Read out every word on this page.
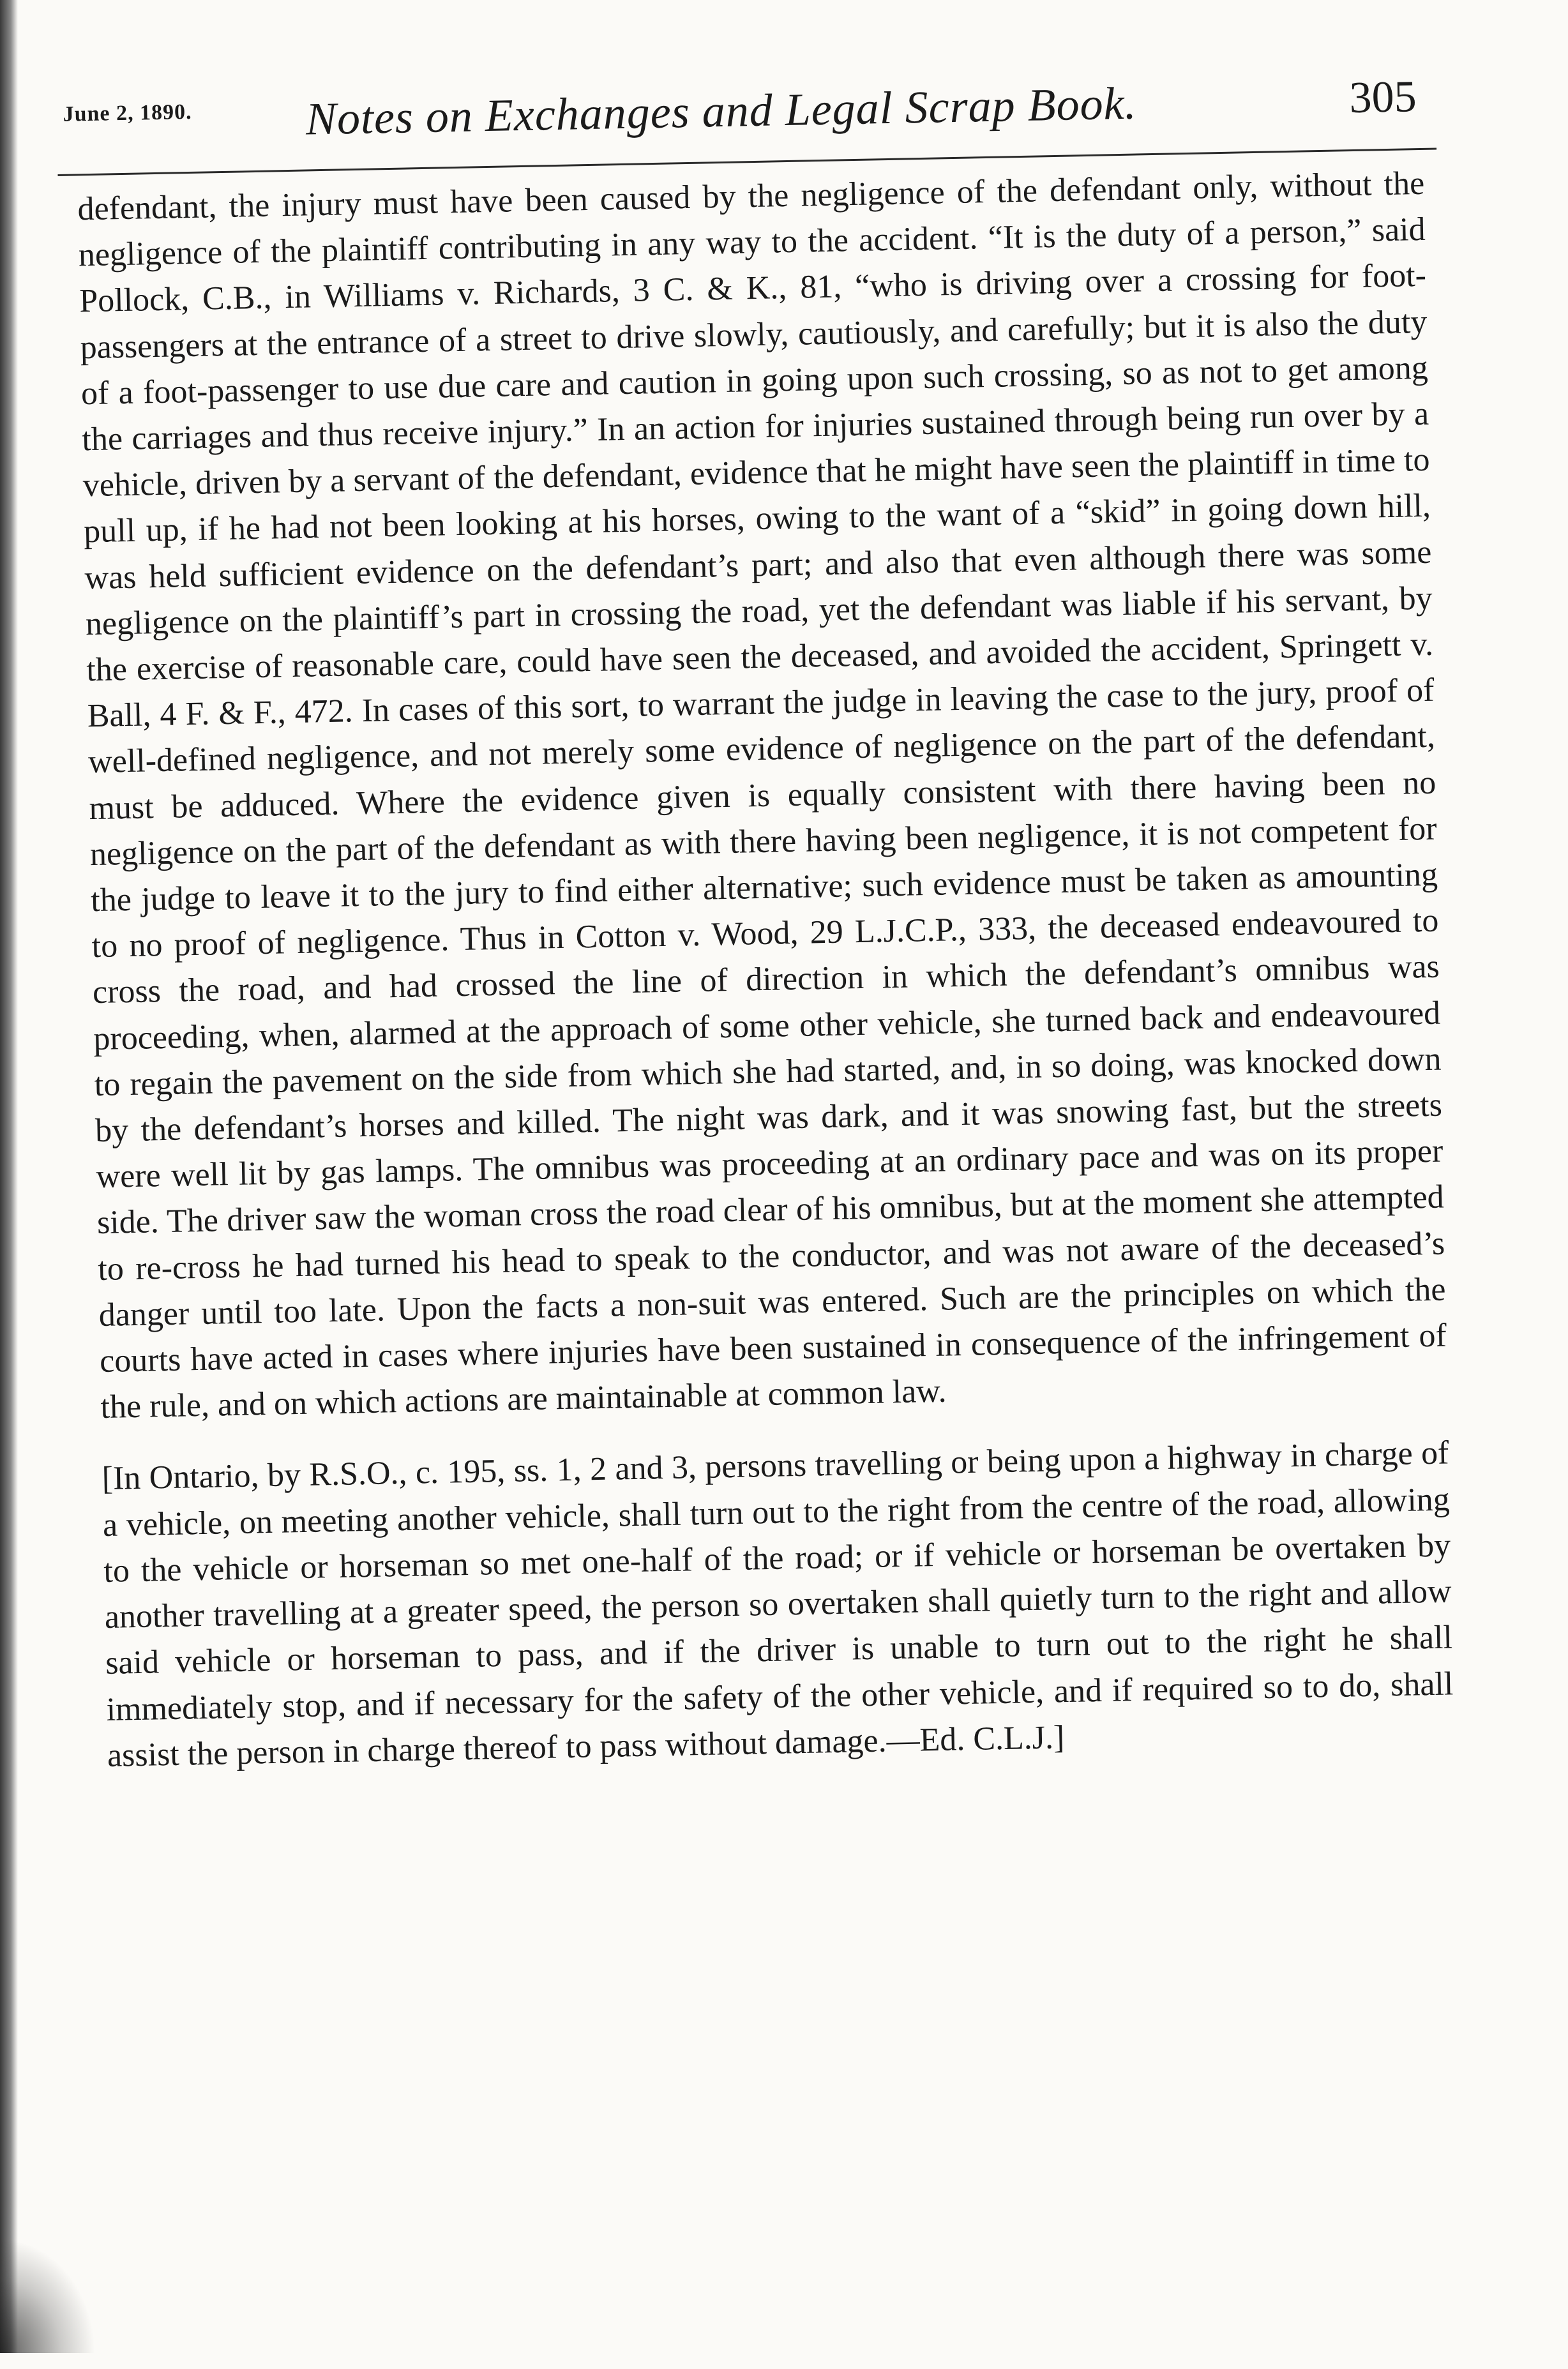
June 2, 1890. Notes on Exchanges and Legal Scrap Book.	305

defendant, the injury must have been caused by the negligence of the defendant only, without the negligence of the plaintiff contributing in any way to the accident. “It is the duty of a person,” said Pollock, C.B., in Williams v. Richards, 3 C. & K., 81, “who is driving over a crossing for foot-passengers at the entrance of a street to drive slowly, cautiously, and carefully; but it is also the duty of a foot-passenger to use due care and caution in going upon such crossing, so as not to get among the carriages and thus receive injury.” In an action for injuries sustained through being run over by a vehicle, driven by a servant of the defendant, evidence that he might have seen the plaintiff in time to pull up, if he had not been looking at his horses, owing to the want of a “skid” in going down hill, was held sufficient evidence on the defendant’s part; and also that even although there was some negligence on the plaintiff’s part in crossing the road, yet the defendant was liable if his servant, by the exercise of reasonable care, could have seen the deceased, and avoided the accident, Springett v. Ball, 4 F. & F., 472. In cases of this sort, to warrant the judge in leaving the case to the jury, proof of well-defined negligence, and not merely some evidence of negligence on the part of the defendant, must be adduced. Where the evidence given is equally consistent with there having been no negligence on the part of the defendant as with there having been negligence, it is not competent for the judge to leave it to the jury to find either alternative; such evidence must be taken as amounting to no proof of negligence. Thus in Cotton v. Wood, 29 L.J.C.P., 333, the deceased endeavoured to cross the road, and had crossed the line of direction in which the defendant’s omnibus was proceeding, when, alarmed at the approach of some other vehicle, she turned back and endeavoured to regain the pavement on the side from which she had started, and, in so doing, was knocked down by the defendant’s horses and killed. The night was dark, and it was snowing fast, but the streets were well lit by gas lamps. The omnibus was proceeding at an ordinary pace and was on its proper side. The driver saw the woman cross the road clear of his omnibus, but at the moment she attempted to re-cross he had turned his head to speak to the conductor, and was not aware of the deceased’s danger until too late. Upon the facts a non-suit was entered. Such are the principles on which the courts have acted in cases where injuries have been sustained in consequence of the infringement of the rule, and on which actions are maintainable at common law.

[In Ontario, by R.S.O., c. 195, ss. 1, 2 and 3, persons travelling or being upon a highway in charge of a vehicle, on meeting another vehicle, shall turn out to the right from the centre of the road, allowing to the vehicle or horseman so met one-half of the road; or if vehicle or horseman be overtaken by another travelling at a greater speed, the person so overtaken shall quietly turn to the right and allow said vehicle or horseman to pass, and if the driver is unable to turn out to the right he shall immediately stop, and if necessary for the safety of the other vehicle, and if required so to do, shall assist the person in charge thereof to pass without damage.—Ed. C.L.J.]
